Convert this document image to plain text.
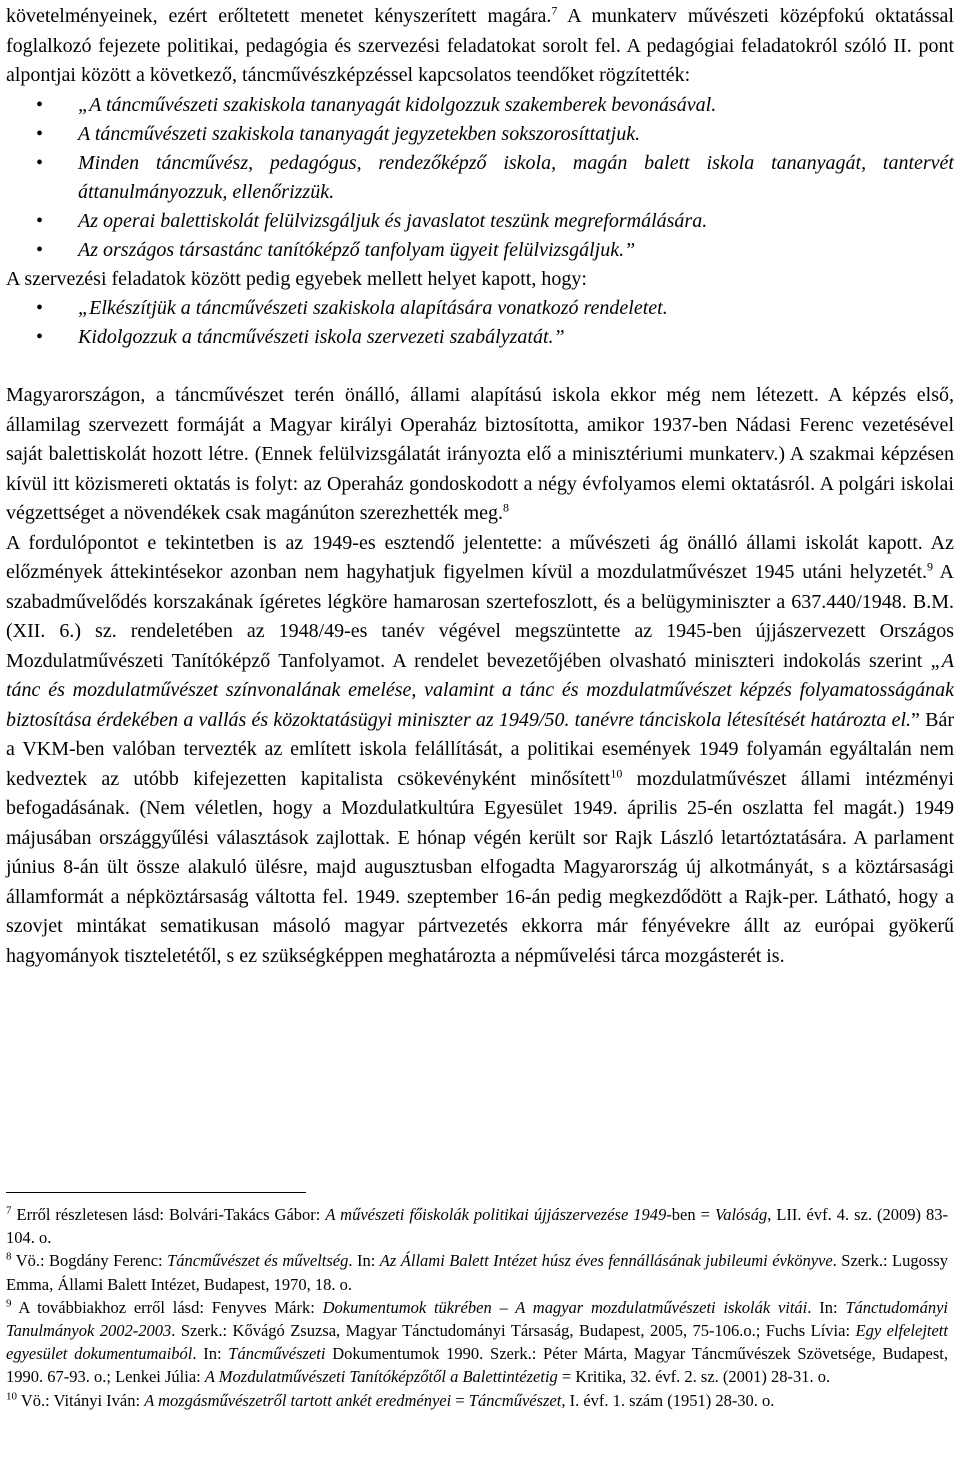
követelményeinek, ezért erőltetett menetet kényszerített magára.$^7$ A munkaterv művészeti középfokú oktatással foglalkozó fejezete politikai, pedagógia és szervezési feladatokat sorolt fel. A pedagógiai feladatokról szóló II. pont alpontjai között a következő, táncművészképzéssel kapcsolatos teendőket rögzítették:

• „A táncművészeti szakiskola tananyagát kidolgozzuk szakemberek bevonásával.
• A táncművészeti szakiskola tananyagát jegyzetekben sokszorosíttatjuk.
• Minden táncművész, pedagógus, rendezőképző iskola, magán balett iskola tananyagát, tantervét áttanulmányozzuk, ellenőrizzük.
• Az operai balettiskolát felülvizsgáljuk és javaslatot teszünk megreformálására.
• Az országos társastánc tanítóképző tanfolyam ügyeit felülvizsgáljuk.”

A szervezési feladatok között pedig egyebek mellett helyet kapott, hogy:

• „Elkészítjük a táncművészeti szakiskola alapítására vonatkozó rendeletet.
• Kidolgozzuk a táncművészeti iskola szervezeti szabályzatát.”

Magyarországon, a táncművészet terén önálló, állami alapítású iskola ekkor még nem létezett. A képzés első, államilag szervezett formáját a Magyar királyi Operaház biztosította, amikor 1937-ben Nádasi Ferenc vezetésével saját balettiskolát hozott létre. (Ennek felülvizsgálatát irányozta elő a minisztériumi munkaterv.) A szakmai képzésen kívül itt közismereti oktatás is folyt: az Operaház gondoskodott a négy évfolyamos elemi oktatásról. A polgári iskolai végzettséget a növendékek csak magánúton szerezhették meg.$^8$

A fordulópontot e tekintetben is az 1949-es esztendő jelentette: a művészeti ág önálló állami iskolát kapott. Az előzmények áttekintésekor azonban nem hagyhatjuk figyelmen kívül a mozdulatművészet 1945 utáni helyzetét.$^9$ A szabadművelődés korszakának ígéretes légköre hamarosan szertefoszlott, és a belügyminiszter a 637.440/1948. B.M. (XII. 6.) sz. rendeletében az 1948/49-es tanév végével megszüntette az 1945-ben újjászervezett Országos Mozdulatművészeti Tanítóképző Tanfolyamot. A rendelet bevezetőjében olvasható miniszteri indokolás szerint „A tánc és mozdulatművészet színvonalának emelése, valamint a tánc és mozdulatművészet képzés folyamatosságának biztosítása érdekében a vallás és közoktatásügyi miniszter az 1949/50. tanévre tánciskola létesítését határozta el.” Bár a VKM-ben valóban tervezték az említett iskola felállítását, a politikai események 1949 folyamán egyáltalán nem kedveztek az utóbb kifejezetten kapitalista csökevényként minősített$^{10}$ mozdulatművészet állami intézményi befogadásának. (Nem véletlen, hogy a Mozdulatkultúra Egyesület 1949. április 25-én oszlatta fel magát.) 1949 májusában országgyűlési választások zajlottak. E hónap végén került sor Rajk László letartóztatására. A parlament június 8-án ült össze alakuló ülésre, majd augusztusban elfogadta Magyarország új alkotmányát, s a köztársasági államformát a népköztársaság váltotta fel. 1949. szeptember 16-án pedig megkezdődött a Rajk-per. Látható, hogy a szovjet mintákat sematikusan másoló magyar pártvezetés ekkorra már fényévekre állt az európai gyökerű hagyományok tiszteletétől, s ez szükségképpen meghatározta a népművelési tárca mozgásterét is.

$^7$ Erről részletesen lásd: Bolvári-Takács Gábor: A művészeti főiskolák politikai újjászervezése 1949-ben = Valóság, LII. évf. 4. sz. (2009) 83-104. o.

$^8$ Vö.: Bogdány Ferenc: Táncművészet és műveltség. In: Az Állami Balett Intézet húsz éves fennállásának jubileumi évkönyve. Szerk.: Lugossy Emma, Állami Balett Intézet, Budapest, 1970, 18. o.

$^9$ A továbbiakhoz erről lásd: Fenyves Márk: Dokumentumok tükrében – A magyar mozdulatművészeti iskolák vitái. In: Tánctudományi Tanulmányok 2002-2003. Szerk.: Kővágó Zsuzsa, Magyar Tánctudományi Társaság, Budapest, 2005, 75-106.o.; Fuchs Lívia: Egy elfelejtett egyesület dokumentumaiból. In: Táncművészeti Dokumentumok 1990. Szerk.: Péter Márta, Magyar Táncművészek Szövetsége, Budapest, 1990. 67-93. o.; Lenkei Júlia: A Mozdulatművészeti Tanítóképzőtől a Balettintézetig = Kritika, 32. évf. 2. sz. (2001) 28-31. o.

$^{10}$ Vö.: Vitányi Iván: A mozgásművészetről tartott ankét eredményei = Táncművészet, I. évf. 1. szám (1951) 28-30. o.
